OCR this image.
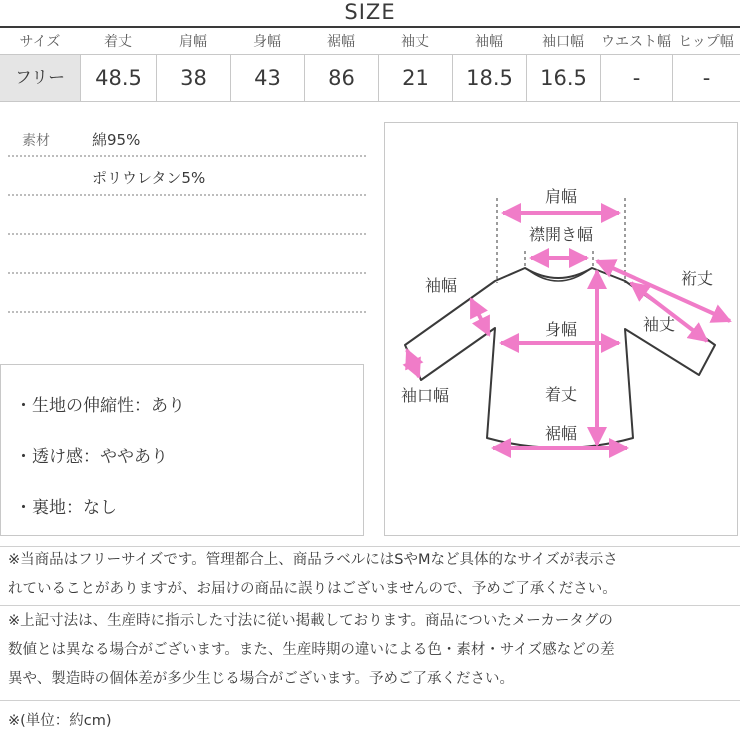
SIZE
サイズ	着丈	肩幅	身幅	裾幅	袖丈	袖幅	袖口幅	ウエスト幅 ヒップ幅
フリー	48.5	38	43	86	21	18.5	16.5	-	-
素材	綿95%
ポリウレタン5%
・生地の伸縮性：あり
・透け感：ややあり
・裏地：なし
肩幅
襟開き幅
袖幅	裄丈
身幅	袖丈
袖口幅	着丈
裾幅
※当商品はフリーサイズです。管理都合上、商品ラベルにはSやMなど具体的なサイズが表示さ
れていることがありますが、お届けの商品に誤りはございませんので、予めご了承ください。
※上記寸法は、生産時に指示した寸法に従い掲載しております。商品についたメーカータグの
数値とは異なる場合がございます。また、生産時期の違いによる色・素材・サイズ感などの差
異や、製造時の個体差が多少生じる場合がございます。予めご了承ください。
※(単位：約cm)
